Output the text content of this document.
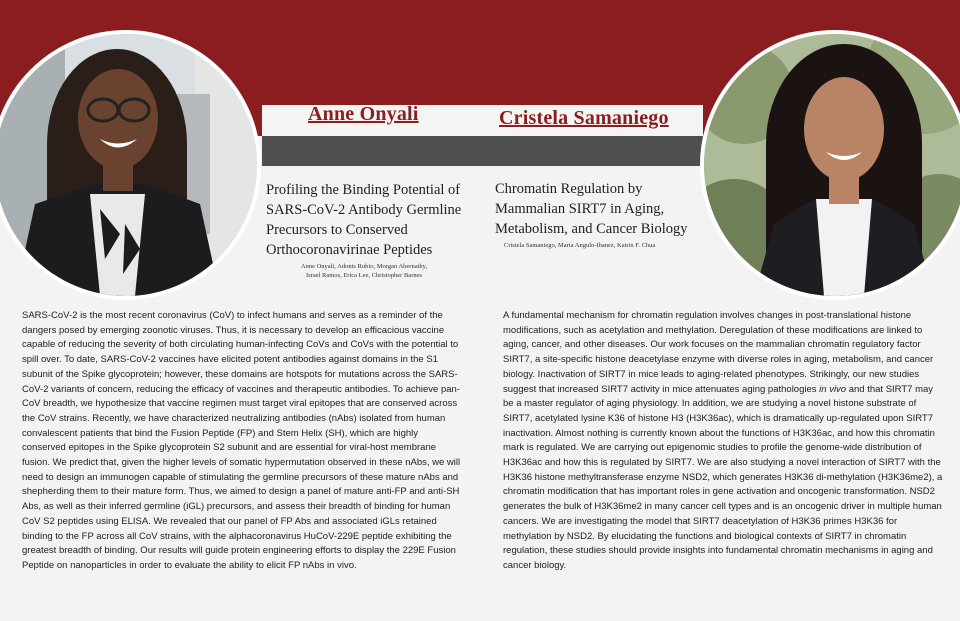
Anne Onyali	Cristela Samaniego
Profiling the Binding Potential of SARS-CoV-2 Antibody Germline Precursors to Conserved Orthocoronavirinae Peptides
Chromatin Regulation by Mammalian SIRT7 in Aging, Metabolism, and Cancer Biology
Anne Onyali, Adonis Rubio, Morgan Abernathy, Israel Ramos, Erica Lee, Christopher Barnes
Cristela Samaniego, Maria Angulo-Ibanez, Katrin F. Chua
SARS-CoV-2 is the most recent coronavirus (CoV) to infect humans and serves as a reminder of the dangers posed by emerging zoonotic viruses. Thus, it is necessary to develop an efficacious vaccine capable of reducing the severity of both circulating human-infecting CoVs and CoVs with the potential to spill over. To date, SARS-CoV-2 vaccines have elicited potent antibodies against domains in the S1 subunit of the Spike glycoprotein; however, these domains are hotspots for mutations across the SARS-CoV-2 variants of concern, reducing the efficacy of vaccines and therapeutic antibodies. To achieve pan-CoV breadth, we hypothesize that vaccine regimen must target viral epitopes that are conserved across the CoV strains. Recently, we have characterized neutralizing antibodies (nAbs) isolated from human convalescent patients that bind the Fusion Peptide (FP) and Stem Helix (SH), which are highly conserved epitopes in the Spike glycoprotein S2 subunit and are essential for viral-host membrane fusion. We predict that, given the higher levels of somatic hypermutation observed in these nAbs, we will need to design an immunogen capable of stimulating the germline precursors of these mature nAbs and shepherding them to their mature form. Thus, we aimed to design a panel of mature anti-FP and anti-SH Abs, as well as their inferred germline (iGL) precursors, and assess their breadth of binding for human CoV S2 peptides using ELISA. We revealed that our panel of FP Abs and associated iGLs retained binding to the FP across all CoV strains, with the alphacoronavirus HuCoV-229E peptide exhibiting the greatest breadth of binding. Our results will guide protein engineering efforts to display the 229E Fusion Peptide on nanoparticles in order to evaluate the ability to elicit FP nAbs in vivo.
A fundamental mechanism for chromatin regulation involves changes in post-translational histone modifications, such as acetylation and methylation. Deregulation of these modifications are linked to aging, cancer, and other diseases. Our work focuses on the mammalian chromatin regulatory factor SIRT7, a site-specific histone deacetylase enzyme with diverse roles in aging, metabolism, and cancer biology. Inactivation of SIRT7 in mice leads to aging-related phenotypes. Strikingly, our new studies suggest that increased SIRT7 activity in mice attenuates aging pathologies in vivo and that SIRT7 may be a master regulator of aging physiology. In addition, we are studying a novel histone substrate of SIRT7, acetylated lysine K36 of histone H3 (H3K36ac), which is dramatically up-regulated upon SIRT7 inactivation. Almost nothing is currently known about the functions of H3K36ac, and how this chromatin mark is regulated. We are carrying out epigenomic studies to profile the genome-wide distribution of H3K36ac and how this is regulated by SIRT7. We are also studying a novel interaction of SIRT7 with the H3K36 histone methyltransferase enzyme NSD2, which generates H3K36 di-methylation (H3K36me2), a chromatin modification that has important roles in gene activation and oncogenic transformation. NSD2 generates the bulk of H3K36me2 in many cancer cell types and is an oncogenic driver in multiple human cancers. We are investigating the model that SIRT7 deacetylation of H3K36 primes H3K36 for methylation by NSD2. By elucidating the functions and biological contexts of SIRT7 in chromatin regulation, these studies should provide insights into fundamental chromatin mechanisms in aging and cancer biology.
